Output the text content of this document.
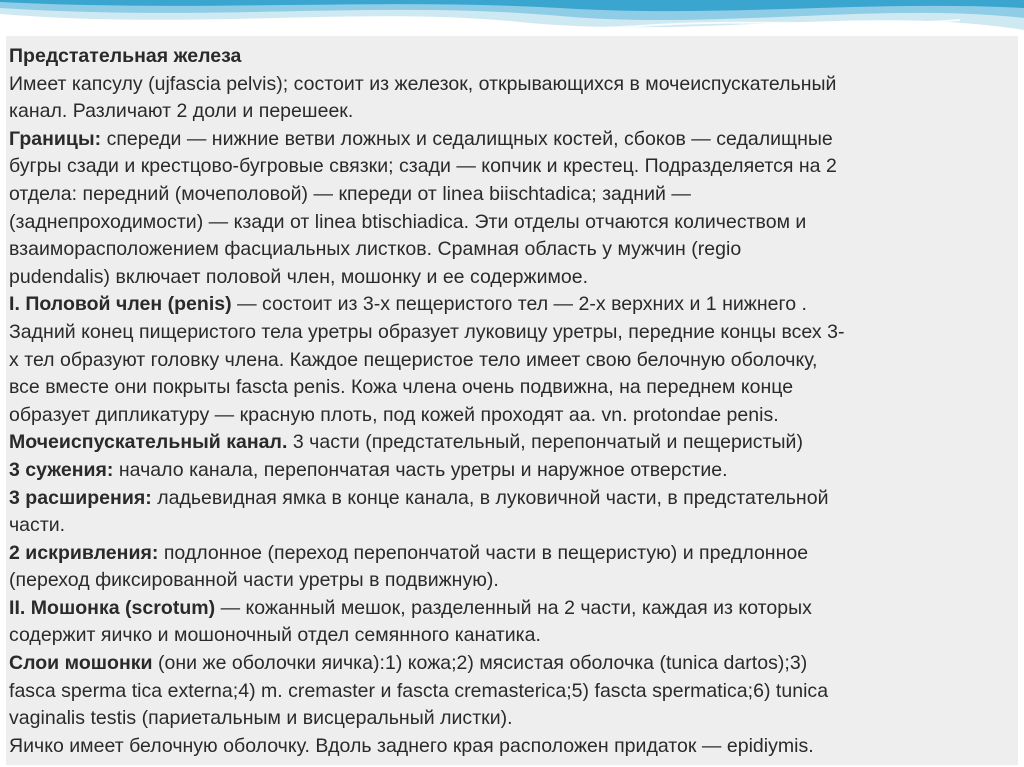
Предстательная железа
Имеет капсулу (ujfascia pelvis); состоит из железок, открывающихся в мочеиспускательный
канал. Различают 2 доли и перешеек.
Границы: спереди — нижние ветви ложных и седалищных костей, сбоков — седалищные
бугры сзади и крестцово-бугровые связки; сзади — копчик и крестец. Подразделяется на 2
отдела: передний (мочеполовой) — кпереди от linea biischtadica; задний —
(заднепроходимости) — кзади от linea btischiadica. Эти отделы отчаются количеством и
взаиморасположением фасциальных листков. Срамная область у мужчин (regio
pudendalis) включает половой член, мошонку и ее содержимое.
I. Половой член (penis) — состоит из 3-х пещеристого тел — 2-х верхних и 1 нижнего .
Задний конец пищеристого тела уретры образует луковицу уретры, передние концы всех 3-
х тел образуют головку члена. Каждое пещеристое тело имеет свою белочную оболочку,
все вместе они покрыты fascta penis. Кожа члена очень подвижна, на переднем конце
образует дипликатуру — красную плоть, под кожей проходят аа. vn. protondae penis.
Мочеиспускательный канал. 3 части (предстательный, перепончатый и пещеристый)
3 сужения: начало канала, перепончатая часть уретры и наружное отверстие.
3 расширения: ладьевидная ямка в конце канала, в луковичной части, в предстательной
части.
2 искривления: подлонное (переход перепончатой части в пещеристую) и предлонное
(переход фиксированной части уретры в подвижную).
II. Мошонка (scrotum) — кожанный мешок, разделенный на 2 части, каждая из которых
содержит яичко и мошоночный отдел семянного канатика.
Слои мошонки (они же оболочки яичка):1) кожа;2) мясистая оболочка (tunica dartos);3)
fasca sperma tica externa;4) m. cremaster и fascta cremasterica;5) fascta spermatica;6) tunica
vaginalis testis (париетальным и висцеральный листки).
Яичко имеет белочную оболочку. Вдоль заднего края расположен придаток — epidiymis.
